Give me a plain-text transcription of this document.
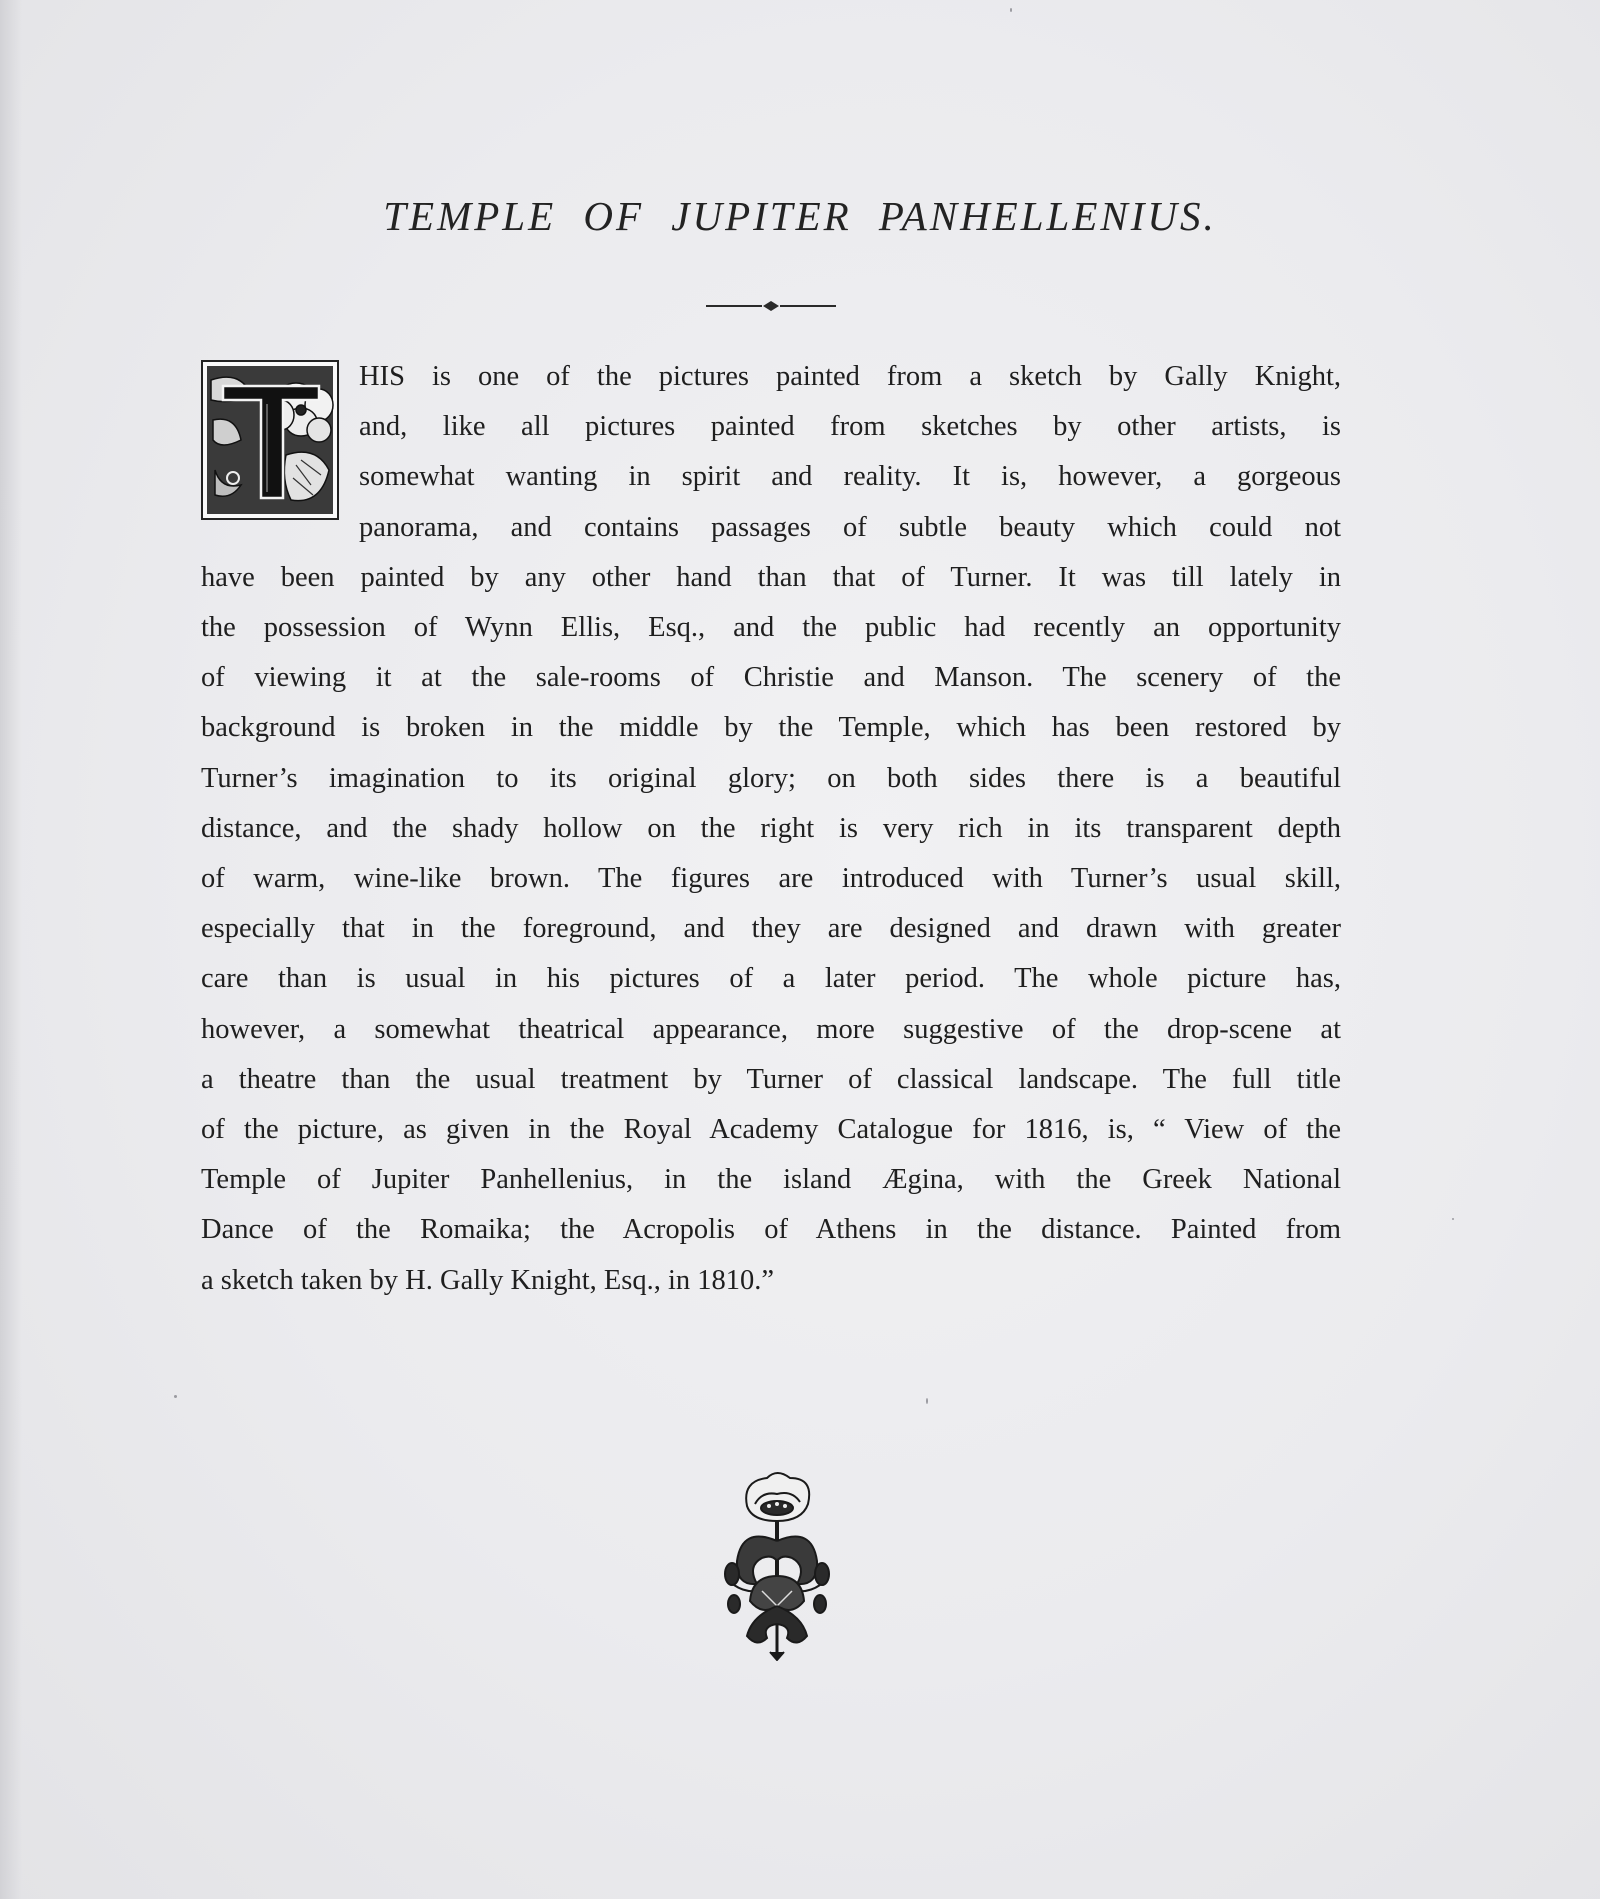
TEMPLE OF JUPITER PANHELLENIUS.
HIS is one of the pictures painted from a sketch by Gally Knight,
and, like all pictures painted from sketches by other artists, is
somewhat wanting in spirit and reality. It is, however, a gorgeous
panorama, and contains passages of subtle beauty which could not
have been painted by any other hand than that of Turner. It was till lately in
the possession of Wynn Ellis, Esq., and the public had recently an opportunity
of viewing it at the sale-rooms of Christie and Manson. The scenery of the
background is broken in the middle by the Temple, which has been restored by
Turner’s imagination to its original glory; on both sides there is a beautiful
distance, and the shady hollow on the right is very rich in its transparent depth
of warm, wine-like brown. The figures are introduced with Turner’s usual skill,
especially that in the foreground, and they are designed and drawn with greater
care than is usual in his pictures of a later period. The whole picture has,
however, a somewhat theatrical appearance, more suggestive of the drop-scene at
a theatre than the usual treatment by Turner of classical landscape. The full title
of the picture, as given in the Royal Academy Catalogue for 1816, is, “ View of the
Temple of Jupiter Panhellenius, in the island Ægina, with the Greek National
Dance of the Romaika; the Acropolis of Athens in the distance. Painted from
a sketch taken by H. Gally Knight, Esq., in 1810.”
